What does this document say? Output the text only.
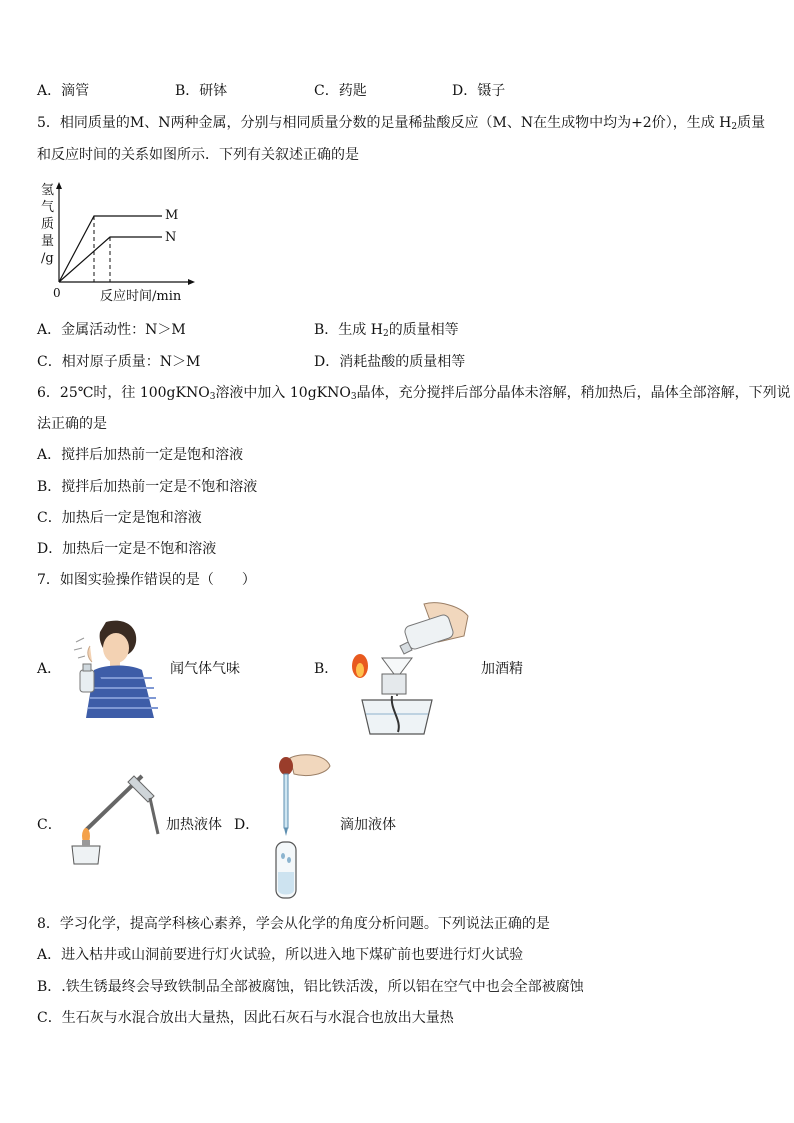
A．滴管	B．研钵	C．药匙	D．镊子
5．相同质量的M、N两种金属，分别与相同质量分数的足量稀盐酸反应（M、N在生成物中均为+2价），生成 $H_2$质量
和反应时间的关系如图所示．下列有关叙述正确的是
氢
气
质
量
/g
0	反应时间/min
M
N
A．金属活动性：N＞M	B．生成 $H_2$的质量相等
C．相对原子质量：N＞M	D．消耗盐酸的质量相等
6．25℃时，往 100gKNO$_3$溶液中加入 10gKNO$_3$晶体，充分搅拌后部分晶体未溶解，稍加热后，晶体全部溶解，下列说
法正确的是
A．搅拌后加热前一定是饱和溶液
B．搅拌后加热前一定是不饱和溶液
C．加热后一定是饱和溶液
D．加热后一定是不饱和溶液
7．如图实验操作错误的是（　　）
A．	闻气体气味	B．	加酒精
C．	加热液体 D．	滴加液体
8．学习化学，提高学科核心素养，学会从化学的角度分析问题。下列说法正确的是
A．进入枯井或山洞前要进行灯火试验，所以进入地下煤矿前也要进行灯火试验
B．.铁生锈最终会导致铁制品全部被腐蚀，铝比铁活泼，所以铝在空气中也会全部被腐蚀
C．生石灰与水混合放出大量热，因此石灰石与水混合也放出大量热
